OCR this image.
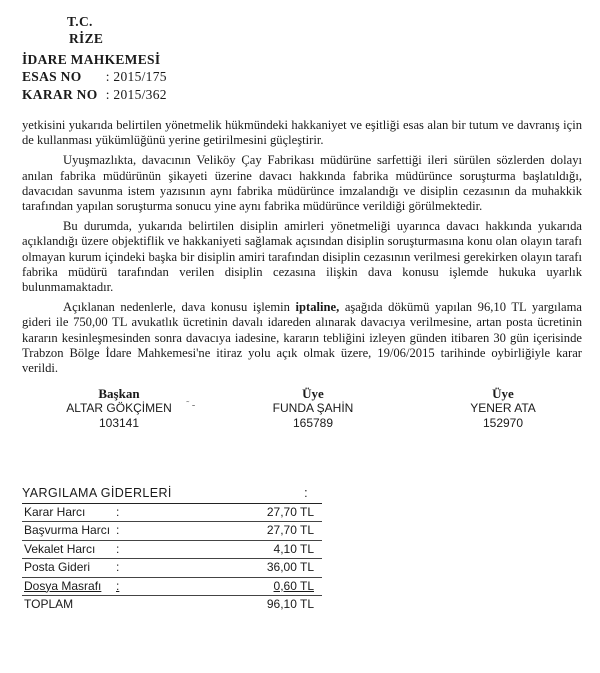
T.C.
RİZE
İDARE MAHKEMESİ
ESAS NO : 2015/175
KARAR NO : 2015/362

yetkisini yukarıda belirtilen yönetmelik hükmündeki hakkaniyet ve eşitliği esas alan bir tutum ve davranış için de kullanması yükümlüğünü yerine getirilmesini güçleştirir.

Uyuşmazlıkta, davacının Veliköy Çay Fabrikası müdürüne sarfettiği ileri sürülen sözlerden dolayı anılan fabrika müdürünün şikayeti üzerine davacı hakkında fabrika müdürünce soruşturma başlatıldığı, davacıdan savunma istem yazısının aynı fabrika müdürünce imzalandığı ve disiplin cezasının da muhakkik tarafından yapılan soruşturma sonucu yine aynı fabrika müdürünce verildiği görülmektedir.

Bu durumda, yukarıda belirtilen disiplin amirleri yönetmeliği uyarınca davacı hakkında yukarıda açıklandığı üzere objektiflik ve hakkaniyeti sağlamak açısından disiplin soruşturmasına konu olan olayın tarafı olmayan kurum içindeki başka bir disiplin amiri tarafından disiplin cezasının verilmesi gerekirken olayın tarafı fabrika müdürü tarafından verilen disiplin cezasına ilişkin dava konusu işlemde hukuka uyarlık bulunmamaktadır.

Açıklanan nedenlerle, dava konusu işlemin iptaline, aşağıda dökümü yapılan 96,10 TL yargılama gideri ile 750,00 TL avukatlık ücretinin davalı idareden alınarak davacıya verilmesine, artan posta ücretinin kararın kesinleşmesinden sonra davacıya iadesine, kararın tebliğini izleyen günden itibaren 30 gün içerisinde Trabzon Bölge İdare Mahkemesi'ne itiraz yolu açık olmak üzere, 19/06/2015 tarihinde oybirliğiyle karar verildi.

Başkan
ALTAR GÖKÇİMEN
103141
˜ -
Üye
FUNDA ŞAHİN
165789
Üye
YENER ATA
152970
YARGILAMA GİDERLERİ	:
Karar Harcı	:	27,70 TL
Başvurma Harcı :	27,70 TL
Vekalet Harcı :	4,10 TL
Posta Gideri :	36,00 TL
Dosya Masrafı :	0,60 TL
TOPLAM	96,10 TL
